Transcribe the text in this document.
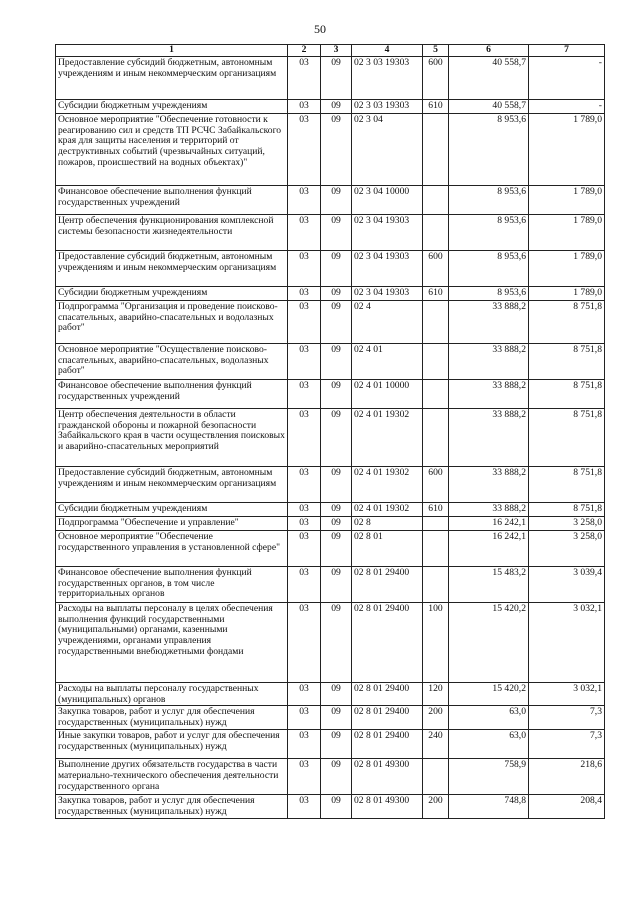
50
1	2	3	4	5	6	7
Предоставление субсидий бюджетным, автономным учреждениям и иным некоммерческим организациям	03	09	02 3 03 19303	600	40 558,7	-
Субсидии бюджетным учреждениям	03	09	02 3 03 19303	610	40 558,7	-
Основное мероприятие "Обеспечение готовности к реагированию сил и средств ТП РСЧС Забайкальского края для защиты населения и территорий от деструктивных событий (чрезвычайных ситуаций, пожаров, происшествий на водных объектах)"	03	09	02 3 04		8 953,6	1 789,0
Финансовое обеспечение выполнения функций государственных учреждений	03	09	02 3 04 10000		8 953,6	1 789,0
Центр обеспечения функционирования комплексной системы безопасности жизнедеятельности	03	09	02 3 04 19303		8 953,6	1 789,0
Предоставление субсидий бюджетным, автономным учреждениям и иным некоммерческим организациям	03	09	02 3 04 19303	600	8 953,6	1 789,0
Субсидии бюджетным учреждениям	03	09	02 3 04 19303	610	8 953,6	1 789,0
Подпрограмма "Организация и проведение поисково-спасательных, аварийно-спасательных и водолазных работ"	03	09	02 4		33 888,2	8 751,8
Основное мероприятие "Осуществление поисково-спасательных, аварийно-спасательных, водолазных работ"	03	09	02 4 01		33 888,2	8 751,8
Финансовое обеспечение выполнения функций государственных учреждений	03	09	02 4 01 10000		33 888,2	8 751,8
Центр обеспечения деятельности в области гражданской обороны и пожарной безопасности Забайкальского края в части осуществления поисковых и аварийно-спасательных мероприятий	03	09	02 4 01 19302		33 888,2	8 751,8
Предоставление субсидий бюджетным, автономным учреждениям и иным некоммерческим организациям	03	09	02 4 01 19302	600	33 888,2	8 751,8
Субсидии бюджетным учреждениям	03	09	02 4 01 19302	610	33 888,2	8 751,8
Подпрограмма "Обеспечение и управление"	03	09	02 8		16 242,1	3 258,0
Основное мероприятие "Обеспечение государственного управления в установленной сфере"	03	09	02 8 01		16 242,1	3 258,0
Финансовое обеспечение выполнения функций государственных органов, в том числе территориальных органов	03	09	02 8 01 29400		15 483,2	3 039,4
Расходы на выплаты персоналу в целях обеспечения выполнения функций государственными (муниципальными) органами, казенными учреждениями, органами управления государственными внебюджетными фондами	03	09	02 8 01 29400	100	15 420,2	3 032,1
Расходы на выплаты персоналу государственных (муниципальных) органов	03	09	02 8 01 29400	120	15 420,2	3 032,1
Закупка товаров, работ и услуг для обеспечения государственных (муниципальных) нужд	03	09	02 8 01 29400	200	63,0	7,3
Иные закупки товаров, работ и услуг для обеспечения государственных (муниципальных) нужд	03	09	02 8 01 29400	240	63,0	7,3
Выполнение других обязательств государства в части материально-технического обеспечения деятельности государственного органа	03	09	02 8 01 49300		758,9	218,6
Закупка товаров, работ и услуг для обеспечения государственных (муниципальных) нужд	03	09	02 8 01 49300	200	748,8	208,4
